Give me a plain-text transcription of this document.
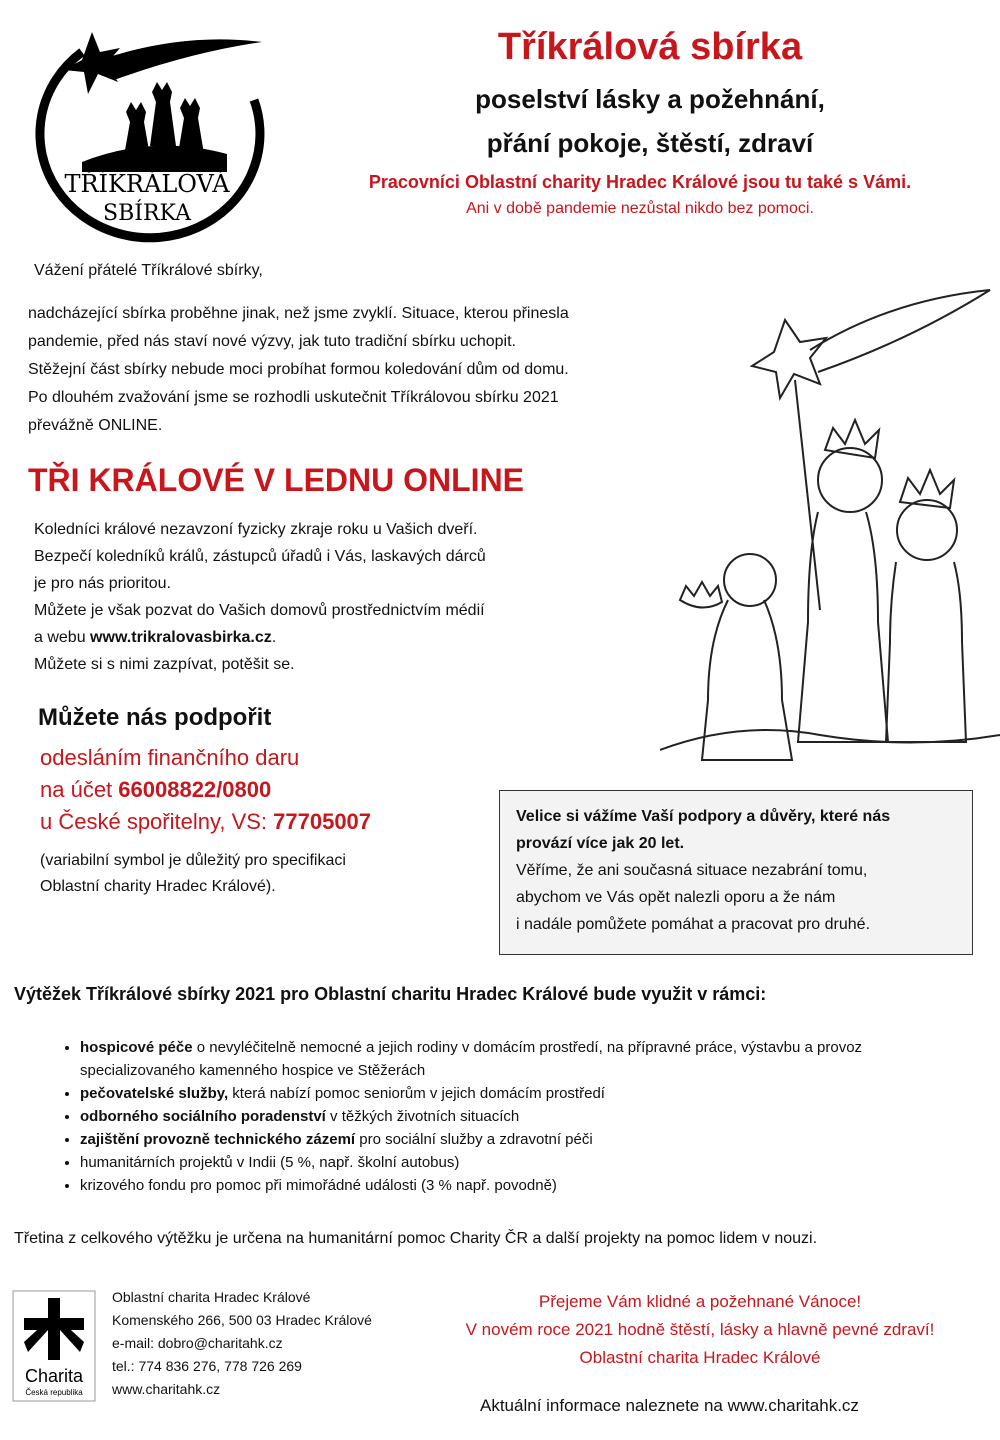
TŘÍKRÁLOVÁ
SBÍRKA
Tříkrálová sbírka
poselství lásky a požehnání,
přání pokoje, štěstí, zdraví
Pracovníci Oblastní charity Hradec Králové jsou tu také s Vámi.
Ani v době pandemie nezůstal nikdo bez pomoci.
Vážení přátelé Tříkrálové sbírky,
nadcházející sbírka proběhne jinak, než jsme zvyklí. Situace, kterou přinesla
pandemie, před nás staví nové výzvy, jak tuto tradiční sbírku uchopit.
Stěžejní část sbírky nebude moci probíhat formou koledování dům od domu.
Po dlouhém zvažování jsme se rozhodli uskutečnit Tříkrálovou sbírku 2021
převážně ONLINE.
TŘI KRÁLOVÉ V LEDNU ONLINE
Koledníci králové nezavzoní fyzicky zkraje roku u Vašich dveří.
Bezpečí koledníků králů, zástupců úřadů i Vás, laskavých dárců
je pro nás prioritou.
Můžete je však pozvat do Vašich domovů prostřednictvím médií
a webu www.trikralovasbirka.cz.
Můžete si s nimi zazpívat, potěšit se.
Můžete nás podpořit
odesláním finančního daru
na účet 66008822/0800
u České spořitelny, VS: 77705007
(variabilní symbol je důležitý pro specifikaci
Oblastní charity Hradec Králové).
Velice si vážíme Vaší podpory a důvěry, které nás
provází více jak 20 let.
Věříme, že ani současná situace nezabrání tomu,
abychom ve Vás opět nalezli oporu a že nám
i nadále pomůžete pomáhat a pracovat pro druhé.
Výtěžek Tříkrálové sbírky 2021 pro Oblastní charitu Hradec Králové bude využit v rámci:
• hospicové péče o nevyléčitelně nemocné a jejich rodiny v domácím prostředí, na přípravné práce, výstavbu a provoz specializovaného kamenného hospice ve Stěžerách
• pečovatelské služby, která nabízí pomoc seniorům v jejich domácím prostředí
• odborného sociálního poradenství v těžkých životních situacích
• zajištění provozně technického zázemí pro sociální služby a zdravotní péči
• humanitárních projektů v Indii (5 %, např. školní autobus)
• krizového fondu pro pomoc při mimořádné události (3 % např. povodně)
Třetina z celkového výtěžku je určena na humanitární pomoc Charity ČR a další projekty na pomoc lidem v nouzi.
Charita
Česká republika
Oblastní charita Hradec Králové
Komenského 266, 500 03 Hradec Králové
e-mail: dobro@charitahk.cz
tel.: 774 836 276, 778 726 269
www.charitahk.cz
Přejeme Vám klidné a požehnané Vánoce!
V novém roce 2021 hodně štěstí, lásky a hlavně pevné zdraví!
Oblastní charita Hradec Králové
Aktuální informace naleznete na www.charitahk.cz
